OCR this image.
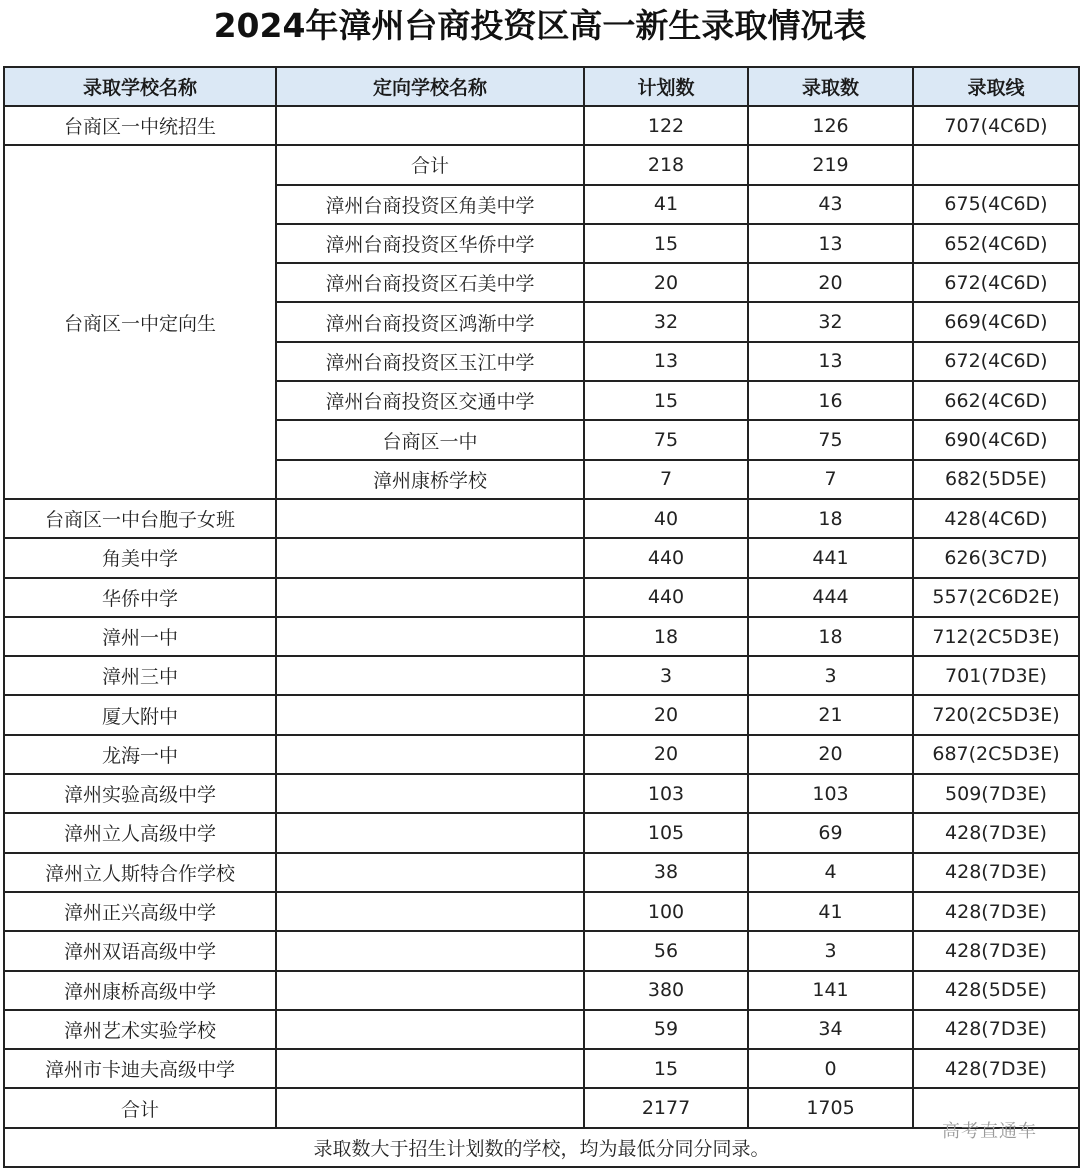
2024年漳州台商投资区高一新生录取情况表
录取学校名称	定向学校名称	计划数	录取数	录取线
台商区一中统招生		122	126	707(4C6D)
台商区一中定向生	合计	218	219	
	漳州台商投资区角美中学	41	43	675(4C6D)
	漳州台商投资区华侨中学	15	13	652(4C6D)
	漳州台商投资区石美中学	20	20	672(4C6D)
	漳州台商投资区鸿渐中学	32	32	669(4C6D)
	漳州台商投资区玉江中学	13	13	672(4C6D)
	漳州台商投资区交通中学	15	16	662(4C6D)
	台商区一中	75	75	690(4C6D)
	漳州康桥学校	7	7	682(5D5E)
台商区一中台胞子女班		40	18	428(4C6D)
角美中学		440	441	626(3C7D)
华侨中学		440	444	557(2C6D2E)
漳州一中		18	18	712(2C5D3E)
漳州三中		3	3	701(7D3E)
厦大附中		20	21	720(2C5D3E)
龙海一中		20	20	687(2C5D3E)
漳州实验高级中学		103	103	509(7D3E)
漳州立人高级中学		105	69	428(7D3E)
漳州立人斯特合作学校		38	4	428(7D3E)
漳州正兴高级中学		100	41	428(7D3E)
漳州双语高级中学		56	3	428(7D3E)
漳州康桥高级中学		380	141	428(5D5E)
漳州艺术实验学校		59	34	428(7D3E)
漳州市卡迪夫高级中学		15	0	428(7D3E)
合计		2177	1705	
录取数大于招生计划数的学校，均为最低分同分同录。				
高考直通车
